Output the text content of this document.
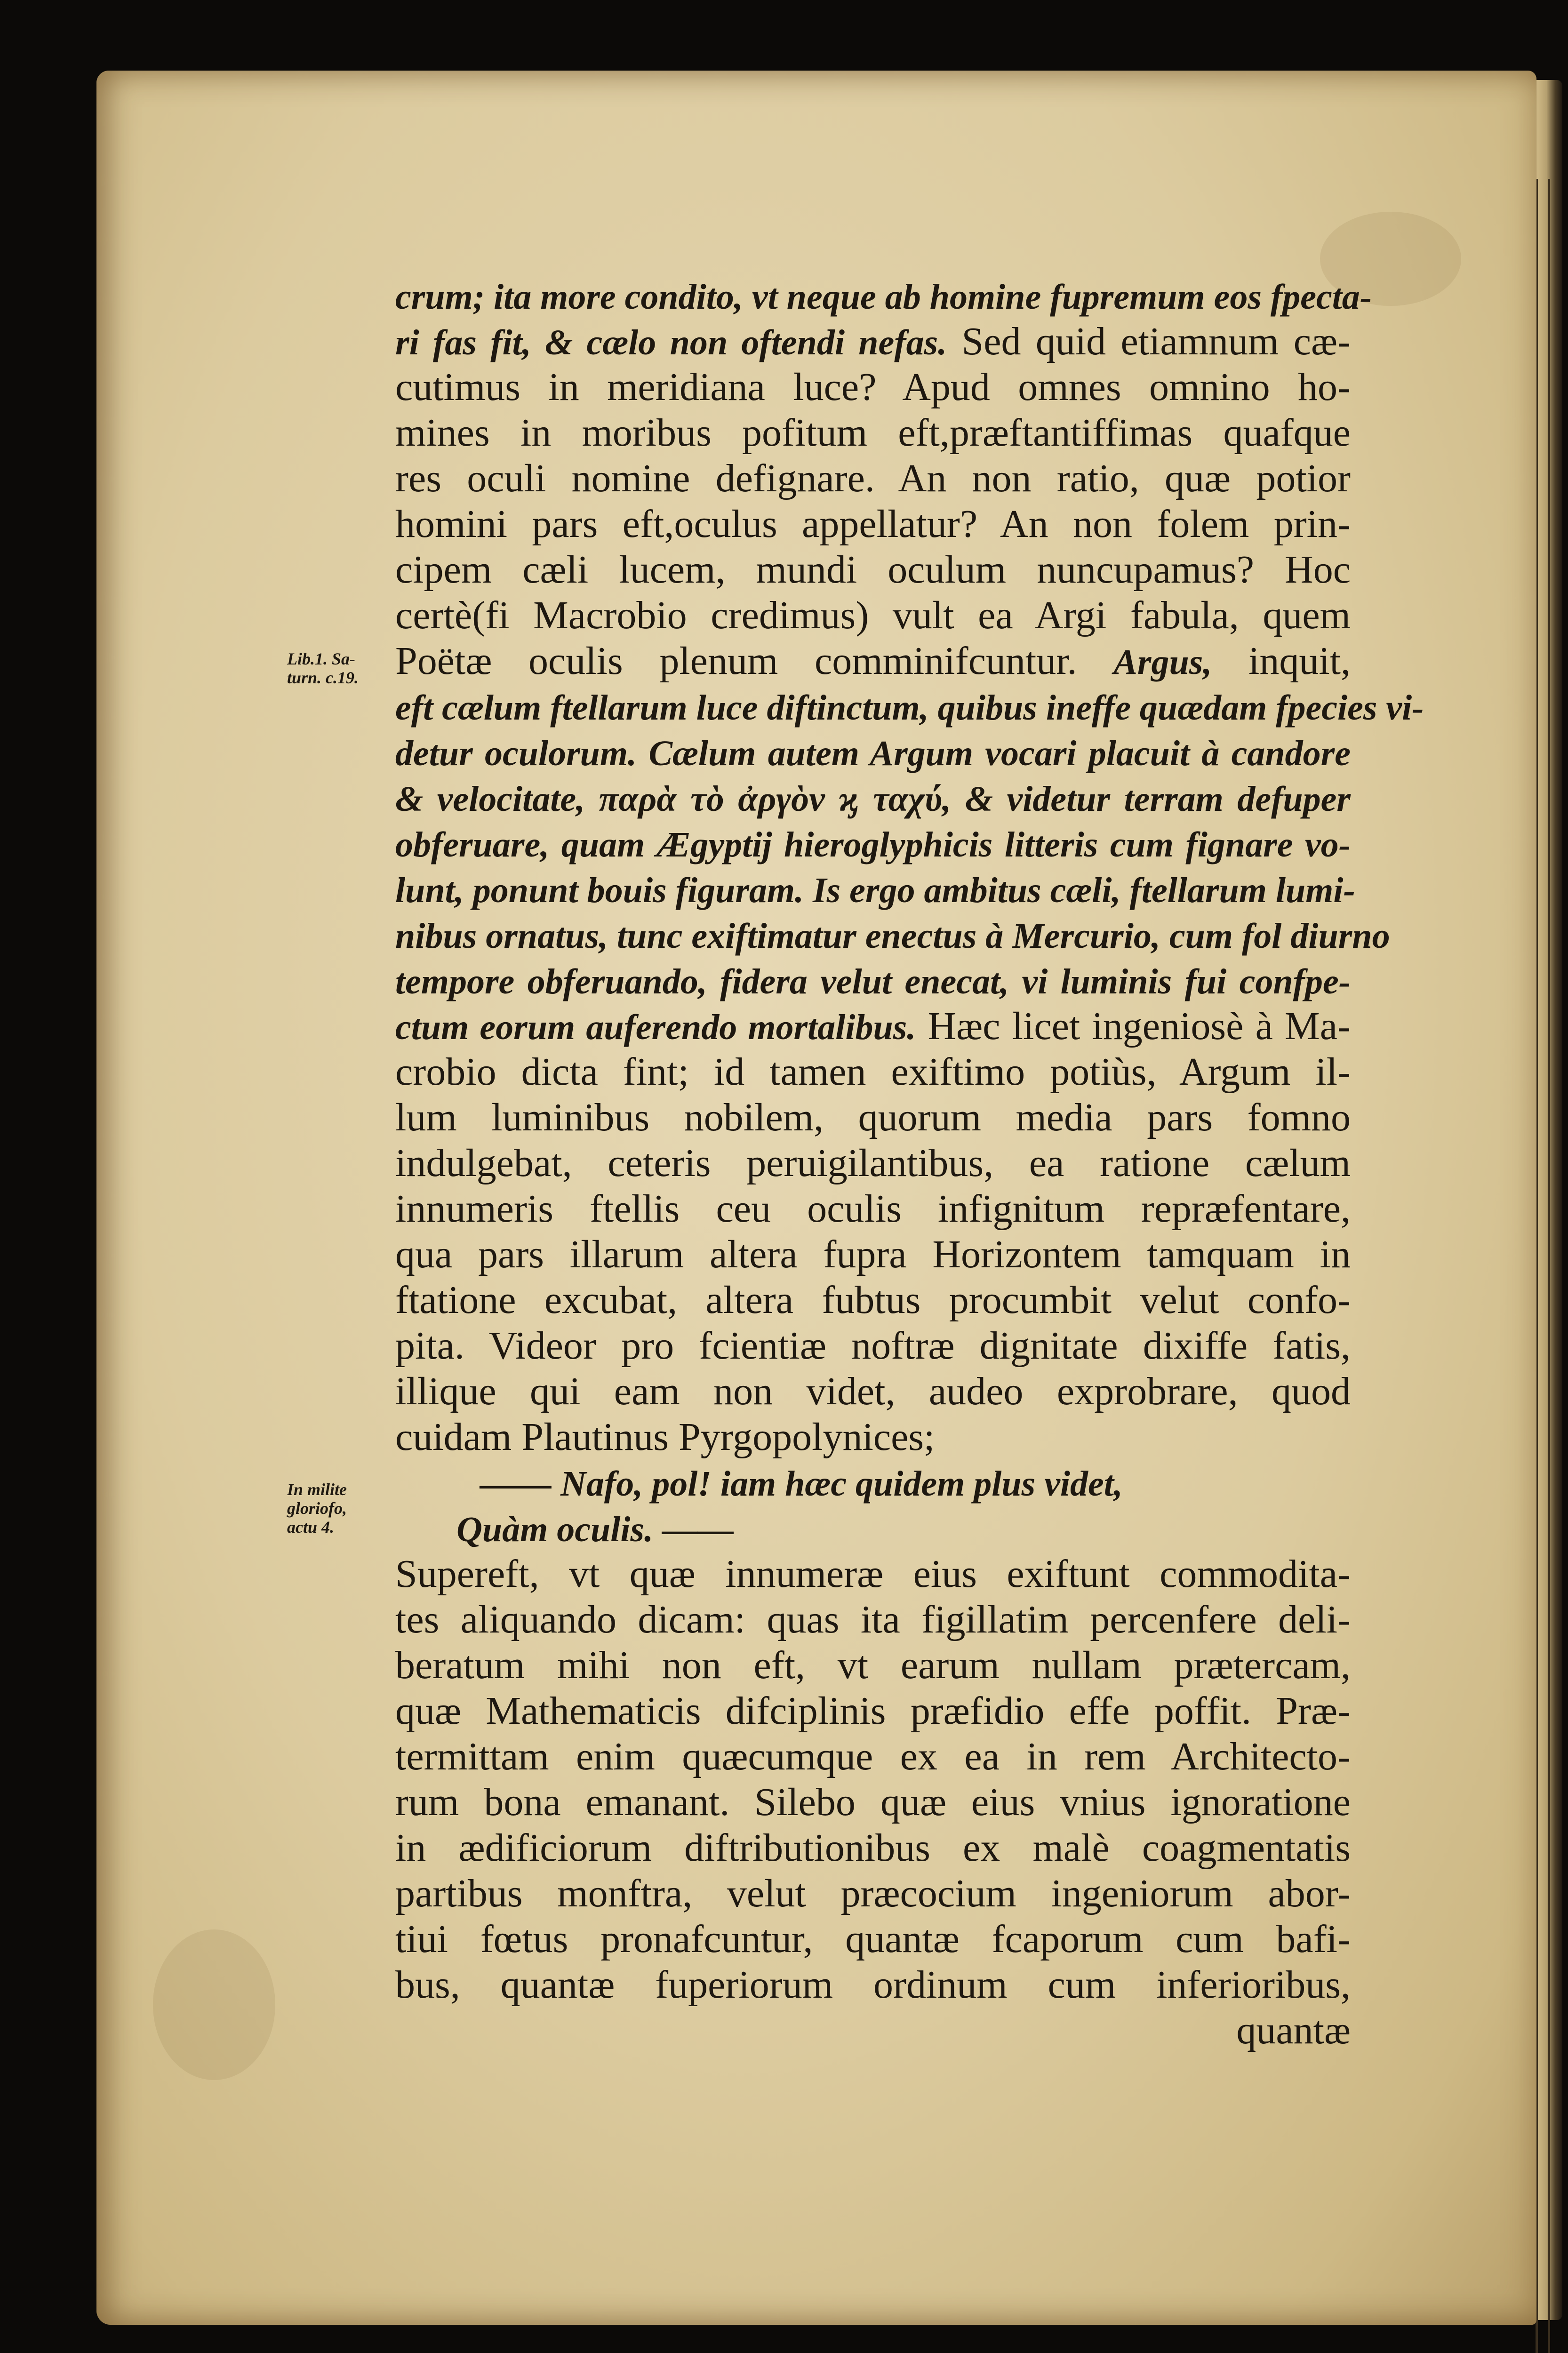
Lib.1. Sa-
turn. c.19.
In milite
gloriofo,
actu 4.
crum; ita more condito, vt neque ab homine fupremum eos fpecta-
ri fas fit, & cælo non oftendi nefas. Sed quid etiamnum cæ-
cutimus in meridiana luce? Apud omnes omnino ho-
mines in moribus pofitum eft,præftantiffimas quafque
res oculi nomine defignare. An non ratio, quæ potior
homini pars eft,oculus appellatur? An non folem prin-
cipem cæli lucem, mundi oculum nuncupamus? Hoc
certè(fi Macrobio credimus) vult ea Argi fabula, quem
Poëtæ oculis plenum comminifcuntur. Argus, inquit,
eft cælum ftellarum luce diftinctum, quibus ineffe quædam fpecies vi-
detur oculorum. Cælum autem Argum vocari placuit à candore
& velocitate, παρὰ τὸ ἀργὸν ϗ ταχύ, & videtur terram defuper
obferuare, quam Ægyptij hieroglyphicis litteris cum fignare vo-
lunt, ponunt bouis figuram. Is ergo ambitus cæli, ftellarum lumi-
nibus ornatus, tunc exiftimatur enectus à Mercurio, cum fol diurno
tempore obferuando, fidera velut enecat, vi luminis fui confpe-
ctum eorum auferendo mortalibus. Hæc licet ingeniosè à Ma-
crobio dicta fint; id tamen exiftimo potiùs, Argum il-
lum luminibus nobilem, quorum media pars fomno
indulgebat, ceteris peruigilantibus, ea ratione cælum
innumeris ftellis ceu oculis infignitum repræfentare,
qua pars illarum altera fupra Horizontem tamquam in
ftatione excubat, altera fubtus procumbit velut confo-
pita. Videor pro fcientiæ noftræ dignitate dixiffe fatis,
illique qui eam non videt, audeo exprobrare, quod
cuidam Plautinus Pyrgopolynices;
—— Nafo, pol! iam hæc quidem plus videt,
Quàm oculis. ——
Supereft, vt quæ innumeræ eius exiftunt commodita-
tes aliquando dicam: quas ita figillatim percenfere deli-
beratum mihi non eft, vt earum nullam prætercam,
quæ Mathematicis difciplinis præfidio effe poffit. Præ-
termittam enim quæcumque ex ea in rem Architecto-
rum bona emanant. Silebo quæ eius vnius ignoratione
in ædificiorum diftributionibus ex malè coagmentatis
partibus monftra, velut præcocium ingeniorum abor-
tiui fœtus pronafcuntur, quantæ fcaporum cum bafi-
bus, quantæ fuperiorum ordinum cum inferioribus,
quantæ
